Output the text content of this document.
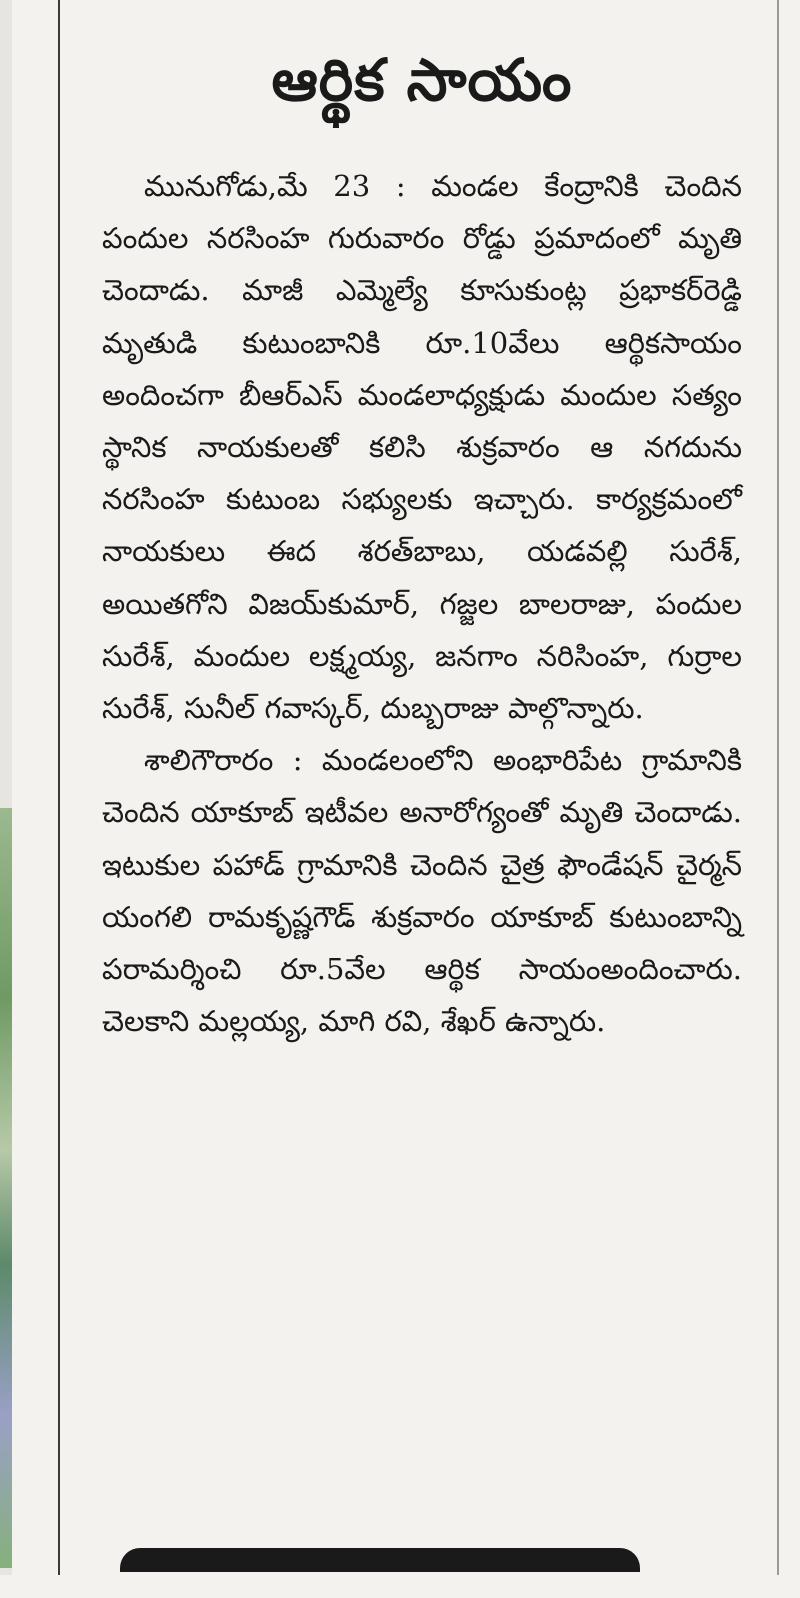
ఆర్థిక సాయం

మునుగోడు,మే 23 : మండల కేంద్రానికి చెందిన పందుల నరసింహ గురువారం రోడ్డు ప్రమాదంలో మృతి చెందాడు. మాజీ ఎమ్మెల్యే కూసుకుంట్ల ప్రభాకర్‌రెడ్డి మృతుడి కుటుంబానికి రూ.10వేలు ఆర్థికసాయం అందించగా బీఆర్‌ఎస్ మండలాధ్యక్షుడు మందుల సత్యం స్థానిక నాయకులతో కలిసి శుక్రవారం ఆ నగదును నరసింహ కుటుంబ సభ్యులకు ఇచ్చారు. కార్యక్రమంలో నాయకులు ఈద శరత్‌బాబు, యడవల్లి సురేశ్, అయితగోని విజయ్‌కుమార్, గజ్జల బాలరాజు, పందుల సురేశ్, మందుల లక్ష్మయ్య, జనగాం నరిసింహ, గుర్రాల సురేశ్, సునీల్ గవాస్కర్, దుబ్బరాజు పాల్గొన్నారు.

శాలిగౌరారం : మండలంలోని అంభారిపేట గ్రామానికి చెందిన యాకూబ్ ఇటీవల అనారోగ్యంతో మృతి చెందాడు. ఇటుకుల పహాడ్ గ్రామానికి చెందిన చైత్ర ఫౌండేషన్ చైర్మన్ యంగలి రామకృష్ణగౌడ్ శుక్రవారం యాకూబ్ కుటుంబాన్ని పరామర్శించి రూ.5వేల ఆర్థిక సాయంఅందించారు. చెలకాని మల్లయ్య, మాగి రవి, శేఖర్ ఉన్నారు.
